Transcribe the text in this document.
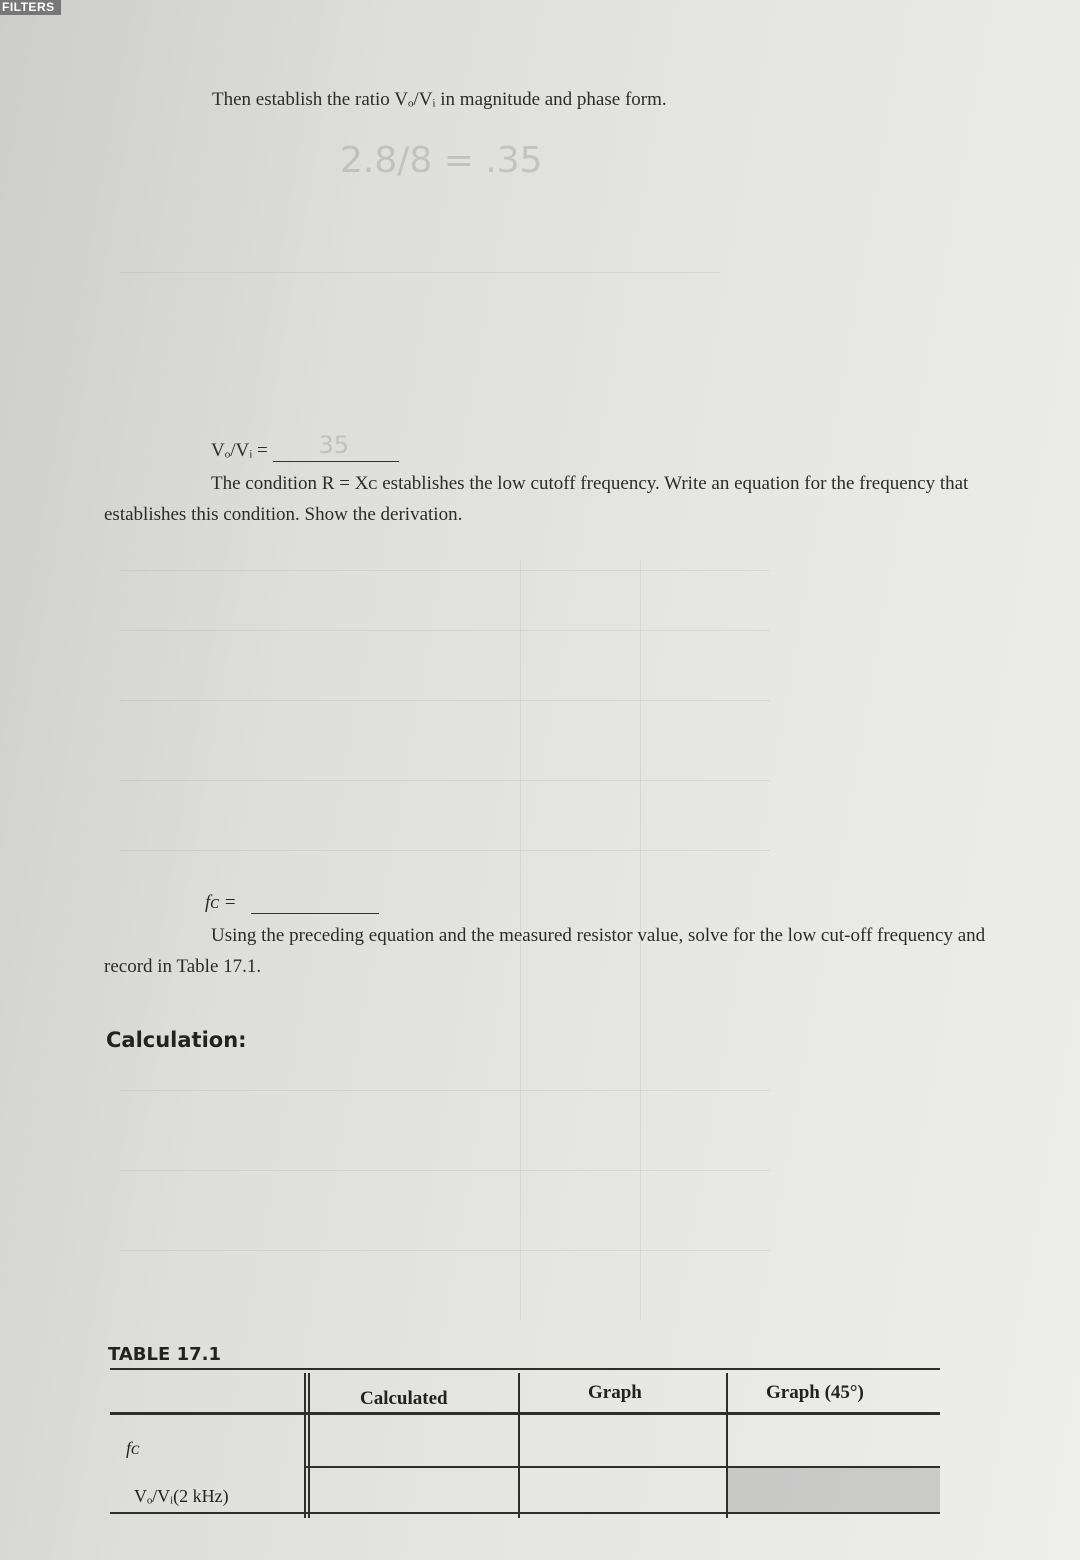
FILTERS
Then establish the ratio Vₒ/Vᵢ in magnitude and phase form.
2.8/8 = .35
Vₒ/Vᵢ = 35
The condition R = Xᴄ establishes the low cutoff frequency. Write an equation for the frequency that establishes this condition. Show the derivation.
fᴄ =
Using the preceding equation and the measured resistor value, solve for the low cut-off frequency and record in Table 17.1.
Calculation:
TABLE 17.1
Calculated	Graph	Graph (45°)
fᴄ
Vₒ/Vᵢ(2 kHz)
